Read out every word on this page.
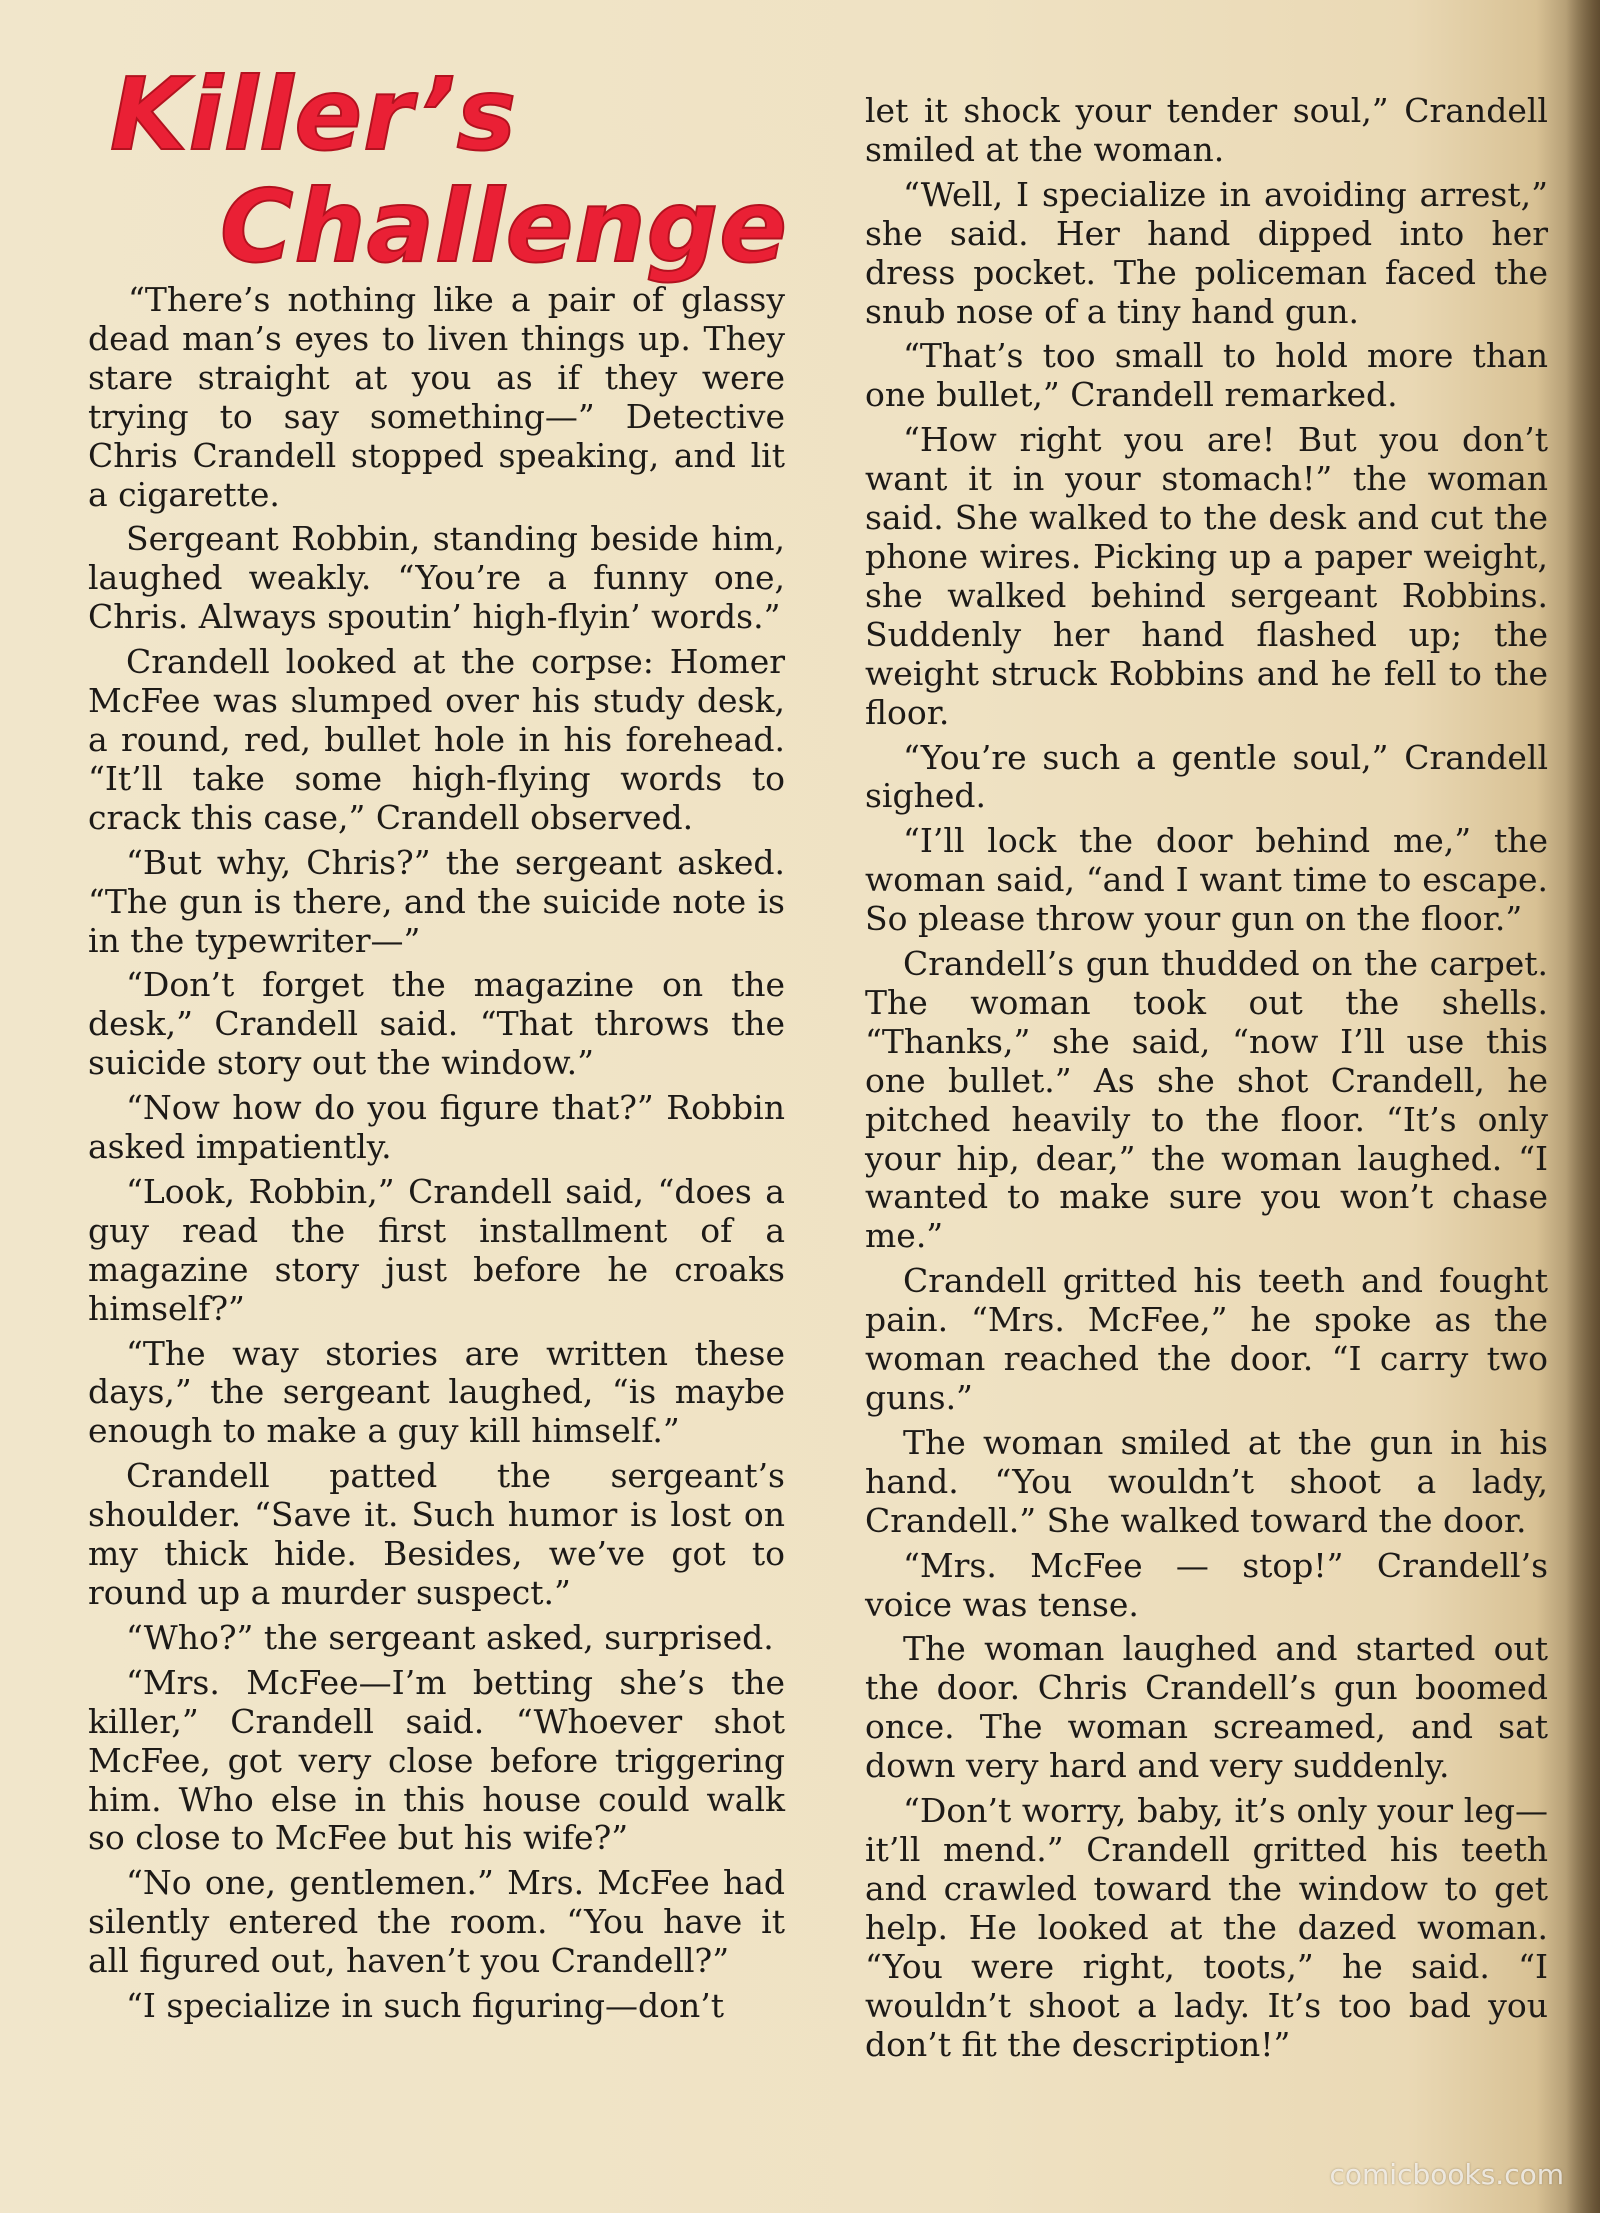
Killer’s
Challenge

“There’s nothing like a pair of glassy dead man’s eyes to liven things up. They stare straight at you as if they were trying to say something—” Detective Chris Crandell stopped speaking, and lit a cigarette.

Sergeant Robbin, standing beside him, laughed weakly. “You’re a funny one, Chris. Always spoutin’ high-flyin’ words.”

Crandell looked at the corpse: Homer McFee was slumped over his study desk, a round, red, bullet hole in his forehead. “It’ll take some high-flying words to crack this case,” Crandell observed.

“But why, Chris?” the sergeant asked. “The gun is there, and the suicide note is in the typewriter—”

“Don’t forget the magazine on the desk,” Crandell said. “That throws the suicide story out the window.”

“Now how do you figure that?” Robbin asked impatiently.

“Look, Robbin,” Crandell said, “does a guy read the first installment of a magazine story just before he croaks himself?”

“The way stories are written these days,” the sergeant laughed, “is maybe enough to make a guy kill himself.”

Crandell patted the sergeant’s shoulder. “Save it. Such humor is lost on my thick hide. Besides, we’ve got to round up a murder suspect.”

“Who?” the sergeant asked, surprised.

“Mrs. McFee—I’m betting she’s the killer,” Crandell said. “Whoever shot McFee, got very close before triggering him. Who else in this house could walk so close to McFee but his wife?”

“No one, gentlemen.” Mrs. McFee had silently entered the room. “You have it all figured out, haven’t you Crandell?”

“I specialize in such figuring—don’t

let it shock your tender soul,” Crandell smiled at the woman.

“Well, I specialize in avoiding arrest,” she said. Her hand dipped into her dress pocket. The policeman faced the snub nose of a tiny hand gun.

“That’s too small to hold more than one bullet,” Crandell remarked.

“How right you are! But you don’t want it in your stomach!” the woman said. She walked to the desk and cut the phone wires. Picking up a paper weight, she walked behind sergeant Robbins. Suddenly her hand flashed up; the weight struck Robbins and he fell to the floor.

“You’re such a gentle soul,” Crandell sighed.

“I’ll lock the door behind me,” the woman said, “and I want time to escape. So please throw your gun on the floor.”

Crandell’s gun thudded on the carpet. The woman took out the shells. “Thanks,” she said, “now I’ll use this one bullet.” As she shot Crandell, he pitched heavily to the floor. “It’s only your hip, dear,” the woman laughed. “I wanted to make sure you won’t chase me.”

Crandell gritted his teeth and fought pain. “Mrs. McFee,” he spoke as the woman reached the door. “I carry two guns.”

The woman smiled at the gun in his hand. “You wouldn’t shoot a lady, Crandell.” She walked toward the door.

“Mrs. McFee — stop!” Crandell’s voice was tense.

The woman laughed and started out the door. Chris Crandell’s gun boomed once. The woman screamed, and sat down very hard and very suddenly.

“Don’t worry, baby, it’s only your leg—it’ll mend.” Crandell gritted his teeth and crawled toward the window to get help. He looked at the dazed woman. “You were right, toots,” he said. “I wouldn’t shoot a lady. It’s too bad you don’t fit the description!”

comicbooks.com
